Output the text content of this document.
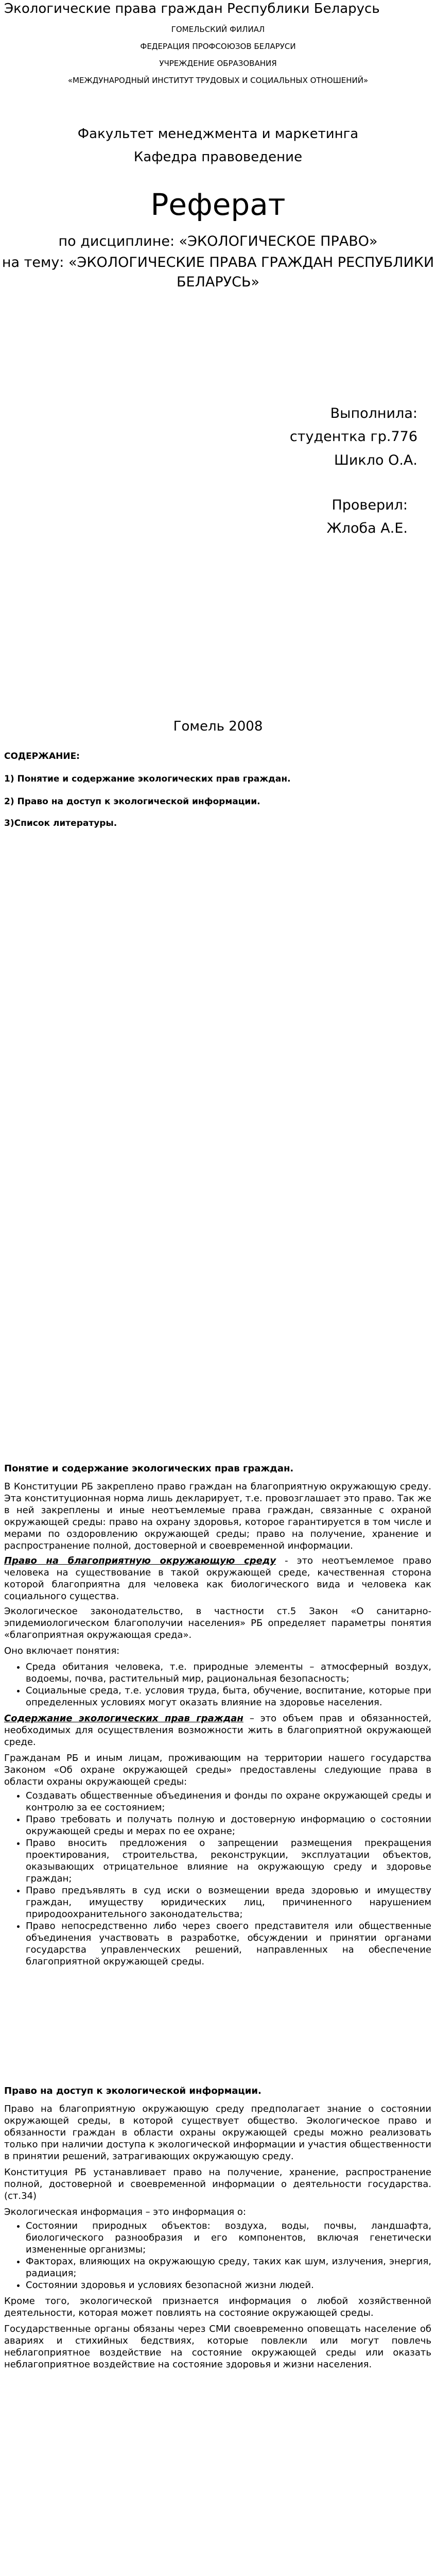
Экологические права граждан Республики Беларусь
ГОМЕЛЬСКИЙ ФИЛИАЛ
ФЕДЕРАЦИЯ ПРОФСОЮЗОВ БЕЛАРУСИ
УЧРЕЖДЕНИЕ ОБРАЗОВАНИЯ
«МЕЖДУНАРОДНЫЙ ИНСТИТУТ ТРУДОВЫХ И СОЦИАЛЬНЫХ ОТНОШЕНИЙ»
Факультет менеджмента и маркетинга
Кафедра правоведение
Реферат
по дисциплине: «ЭКОЛОГИЧЕСКОЕ ПРАВО»
на тему: «ЭКОЛОГИЧЕСКИЕ ПРАВА ГРАЖДАН РЕСПУБЛИКИ
БЕЛАРУСЬ»
Выполнила:
студентка гр.776
Шикло О.А.
Проверил:
Жлоба А.Е.
Гомель 2008
СОДЕРЖАНИЕ:
1) Понятие и содержание экологических прав граждан.
2) Право на доступ к экологической информации.
3)Список литературы.

Понятие и содержание экологических прав граждан.

В Конституции РБ закреплено право граждан на благоприятную окружающую среду. Эта конституционная норма лишь декларирует, т.е. провозглашает это право. Так же в ней закреплены и иные неотъемлемые права граждан, связанные с охраной окружающей среды: право на охрану здоровья, которое гарантируется в том числе и мерами по оздоровлению окружающей среды; право на получение, хранение и распространение полной, достоверной и своевременной информации.

Право на благоприятную окружающую среду - это неотъемлемое право человека на существование в такой окружающей среде, качественная сторона которой благоприятна для человека как биологического вида и человека как социального существа.

Экологическое законодательство, в частности ст.5 Закон «О санитарно-эпидемиологическом благополучии населения» РБ определяет параметры понятия «благоприятная окружающая среда».

Оно включает понятия:

• Среда обитания человека, т.е. природные элементы – атмосферный воздух, водоемы, почва, растительный мир, рациональная безопасность;
• Социальные среда, т.е. условия труда, быта, обучение, воспитание, которые при определенных условиях могут оказать влияние на здоровье населения.

Содержание экологических прав граждан – это объем прав и обязанностей, необходимых для осуществления возможности жить в благоприятной окружающей среде.

Гражданам РБ и иным лицам, проживающим на территории нашего государства Законом «Об охране окружающей среды» предоставлены следующие права в области охраны окружающей среды:

• Создавать общественные объединения и фонды по охране окружающей среды и контролю за ее состоянием;
• Право требовать и получать полную и достоверную информацию о состоянии окружающей среды и мерах по ее охране;
• Право вносить предложения о запрещении размещения прекращения проектирования, строительства, реконструкции, эксплуатации объектов, оказывающих отрицательное влияние на окружающую среду и здоровье граждан;
• Право предъявлять в суд иски о возмещении вреда здоровью и имуществу граждан, имуществу юридических лиц, причиненного нарушением природоохранительного законодательства;
• Право непосредственно либо через своего представителя или общественные объединения участвовать в разработке, обсуждении и принятии органами государства управленческих решений, направленных на обеспечение благоприятной окружающей среды.

Право на доступ к экологической информации.

Право на благоприятную окружающую среду предполагает знание о состоянии окружающей среды, в которой существует общество. Экологическое право и обязанности граждан в области охраны окружающей среды можно реализовать только при наличии доступа к экологической информации и участия общественности в принятии решений, затрагивающих окружающую среду.

Конституция РБ устанавливает право на получение, хранение, распространение полной, достоверной и своевременной информации о деятельности государства.(ст.34)

Экологическая информация – это информация о:

• Состоянии природных объектов: воздуха, воды, почвы, ландшафта, биологического разнообразия и его компонентов, включая генетически измененные организмы;
• Факторах, влияющих на окружающую среду, таких как шум, излучения, энергия, радиация;
• Состоянии здоровья и условиях безопасной жизни людей.

Кроме того, экологической признается информация о любой хозяйственной деятельности, которая может повлиять на состояние окружающей среды.

Государственные органы обязаны через СМИ своевременно оповещать население об авариях и стихийных бедствиях, которые повлекли или могут повлечь неблагоприятное воздействие на состояние окружающей среды или оказать неблагоприятное воздействие на состояние здоровья и жизни населения.
